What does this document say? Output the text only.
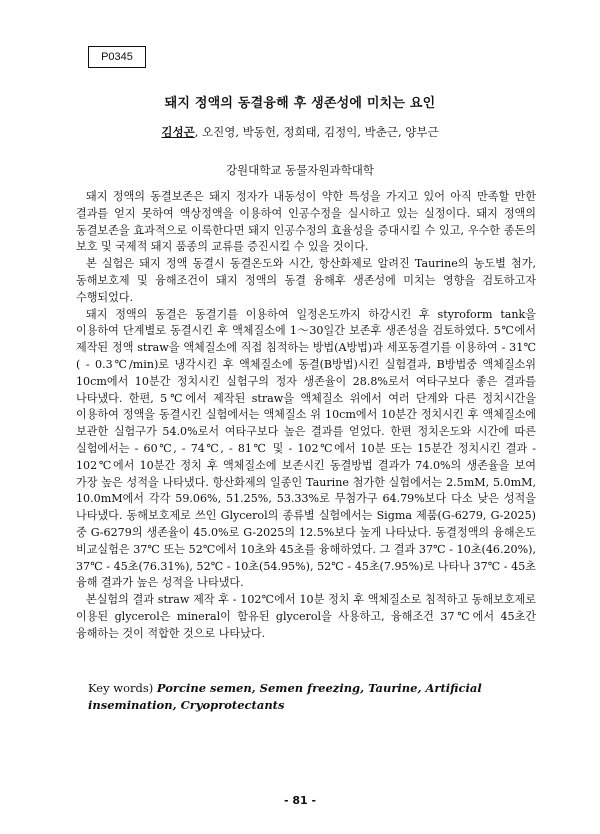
P0345
돼지 정액의 동결융해 후 생존성에 미치는 요인
김성곤, 오진영, 박동헌, 정희태, 김정익, 박춘근, 양부근
강원대학교 동물자원과학대학

돼지 정액의 동결보존은 돼지 정자가 내동성이 약한 특성을 가지고 있어 아직 만족할 만한 결과를 얻지 못하여 액상정액을 이용하여 인공수정을 실시하고 있는 실정이다. 돼지 정액의 동결보존을 효과적으로 이룩한다면 돼지 인공수정의 효율성을 증대시킬 수 있고, 우수한 종돈의 보호 및 국제적 돼지 품종의 교류를 증진시킬 수 있을 것이다.

본 실험은 돼지 정액 동결시 동결온도와 시간, 항산화제로 알려진 Taurine의 농도별 첨가, 동해보호제 및 융해조건이 돼지 정액의 동결 융해후 생존성에 미치는 영향을 검토하고자 수행되었다.

돼지 정액의 동결은 동결기를 이용하여 일정온도까지 하강시킨 후 styroform tank을 이용하여 단계별로 동결시킨 후 액체질소에 1～30일간 보존후 생존성을 검토하였다. 5℃에서 제작된 정액 straw을 액체질소에 직접 침적하는 방법(A방법)과 세포동결기를 이용하여 - 31℃( - 0.3℃/min)로 냉각시킨 후 액체질소에 동결(B방법)시킨 실험결과, B방법중 액체질소위 10cm에서 10분간 정치시킨 실험구의 정자 생존율이 28.8%로서 여타구보다 좋은 결과를 나타냈다. 한편, 5℃에서 제작된 straw을 액체질소 위에서 여러 단계와 다른 정치시간을 이용하여 정액을 동결시킨 실험에서는 액체질소 위 10cm에서 10분간 정치시킨 후 액체질소에 보관한 실험구가 54.0%로서 여타구보다 높은 결과를 얻었다. 한편 정치온도와 시간에 따른 실험에서는 - 60℃, - 74℃, - 81℃ 및 - 102℃에서 10분 또는 15분간 정치시킨 결과 - 102℃에서 10분간 정치 후 액체질소에 보존시킨 동결방법 결과가 74.0%의 생존율을 보여 가장 높은 성적을 나타냈다. 항산화제의 일종인 Taurine 첨가한 실험에서는 2.5mM, 5.0mM, 10.0mM에서 각각 59.06%, 51.25%, 53.33%로 무첨가구 64.79%보다 다소 낮은 성적을 나타냈다. 동해보호제로 쓰인 Glycerol의 종류별 실험에서는 Sigma 제품(G-6279, G-2025)중 G-6279의 생존율이 45.0%로 G-2025의 12.5%보다 높게 나타났다. 동결정액의 융해온도 비교실험은 37℃ 또는 52℃에서 10초와 45초를 융해하였다. 그 결과 37℃ - 10초(46.20%), 37℃ - 45초(76.31%), 52℃ - 10초(54.95%), 52℃ - 45초(7.95%)로 나타나 37℃ - 45초 융해 결과가 높은 성적을 나타냈다.

본실험의 결과 straw 제작 후 - 102℃에서 10분 정치 후 액체질소로 침적하고 동해보호제로 이용된 glycerol은 mineral이 함유된 glycerol을 사용하고, 융해조건 37℃에서 45초간 융해하는 것이 적합한 것으로 나타났다.

Key words) Porcine semen, Semen freezing, Taurine, Artificial insemination, Cryoprotectants
- 81 -
